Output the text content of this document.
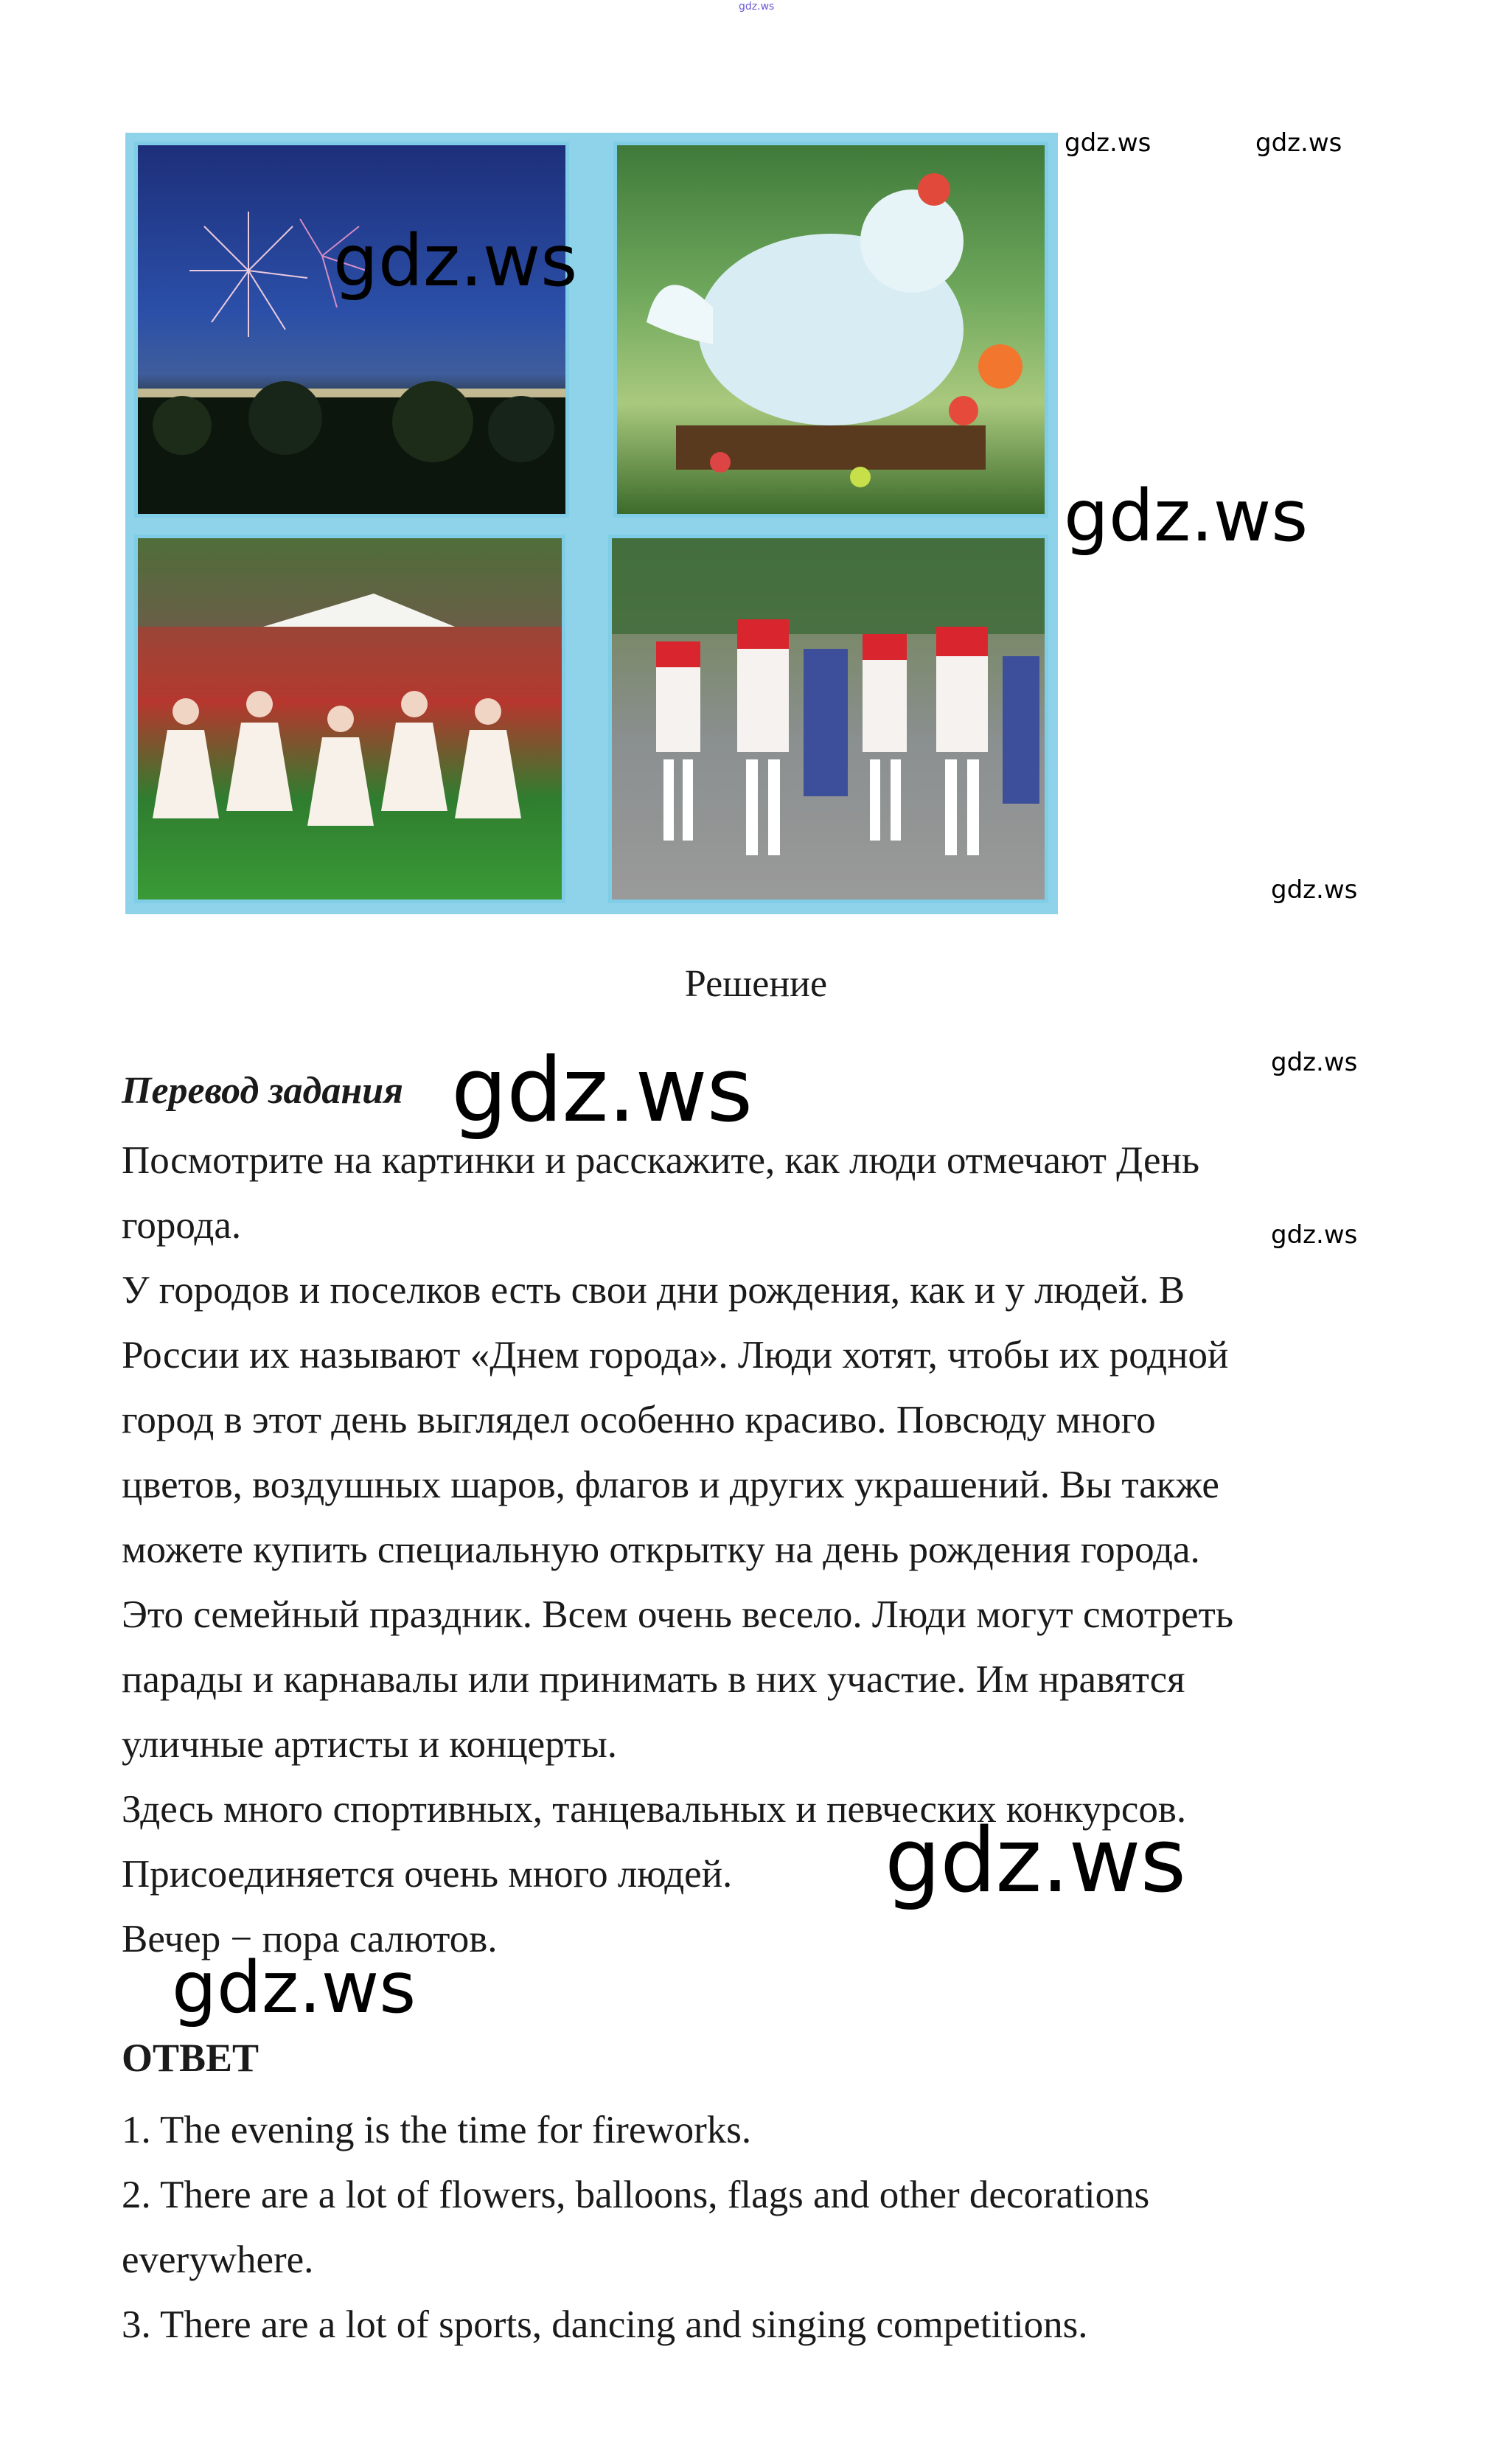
gdz.ws
gdz.ws
gdz.ws	gdz.ws
gdz.ws
gdz.ws
Решение
Перевод задания gdz.ws	gdz.ws
gdz.ws

Посмотрите на картинки и расскажите, как люди отмечают День

города.

У городов и поселков есть свои дни рождения, как и у людей. В

России их называют «Днем города». Люди хотят, чтобы их родной

город в этот день выглядел особенно красиво. Повсюду много

цветов, воздушных шаров, флагов и других украшений. Вы также

можете купить специальную открытку на день рождения города.

Это семейный праздник. Всем очень весело. Люди могут смотреть

парады и карнавалы или принимать в них участие. Им нравятся

уличные артисты и концерты.

Здесь много спортивных, танцевальных и певческих конкурсов.

Присоединяется очень много людей.

Вечер − пора салютов.

gdz.ws
gdz.ws
ОТВЕТ

1. The evening is the time for fireworks.

2. There are a lot of flowers, balloons, flags and other decorations

everywhere.

3. There are a lot of sports, dancing and singing competitions.
